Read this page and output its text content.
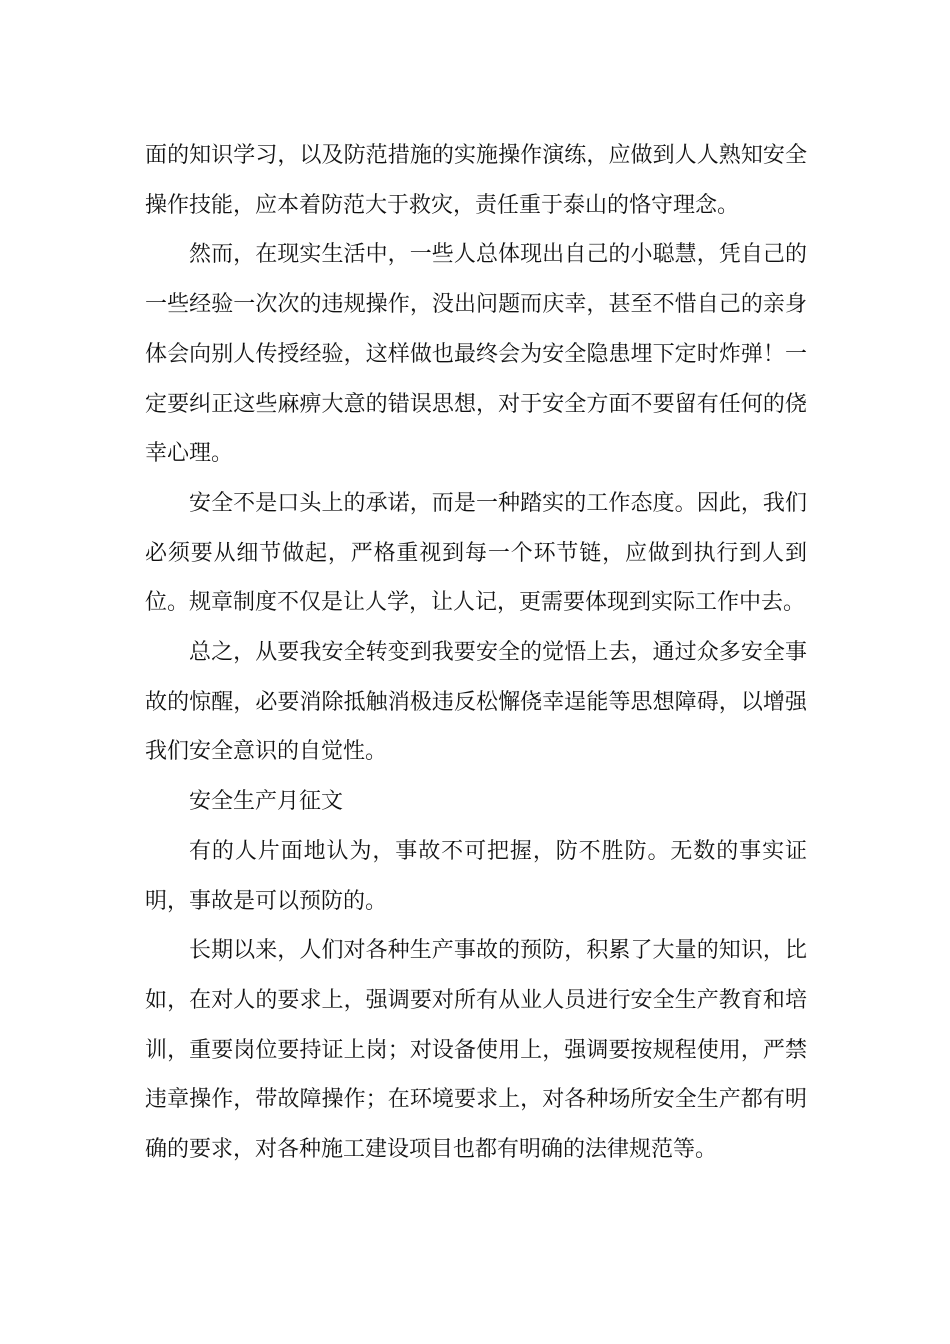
面的知识学习，以及防范措施的实施操作演练，应做到人人熟知安全操作技能，应本着防范大于救灾，责任重于泰山的恪守理念。

然而，在现实生活中，一些人总体现出自己的小聪慧，凭自己的一些经验一次次的违规操作，没出问题而庆幸，甚至不惜自己的亲身体会向别人传授经验，这样做也最终会为安全隐患埋下定时炸弹！一定要纠正这些麻痹大意的错误思想，对于安全方面不要留有任何的侥幸心理。

安全不是口头上的承诺，而是一种踏实的工作态度。因此，我们必须要从细节做起，严格重视到每一个环节链，应做到执行到人到位。规章制度不仅是让人学，让人记，更需要体现到实际工作中去。

总之，从要我安全转变到我要安全的觉悟上去，通过众多安全事故的惊醒，必要消除抵触消极违反松懈侥幸逞能等思想障碍，以增强我们安全意识的自觉性。

安全生产月征文

有的人片面地认为，事故不可把握，防不胜防。无数的事实证明，事故是可以预防的。

长期以来，人们对各种生产事故的预防，积累了大量的知识，比如，在对人的要求上，强调要对所有从业人员进行安全生产教育和培训，重要岗位要持证上岗；对设备使用上，强调要按规程使用，严禁违章操作，带故障操作；在环境要求上，对各种场所安全生产都有明确的要求，对各种施工建设项目也都有明确的法律规范等。
